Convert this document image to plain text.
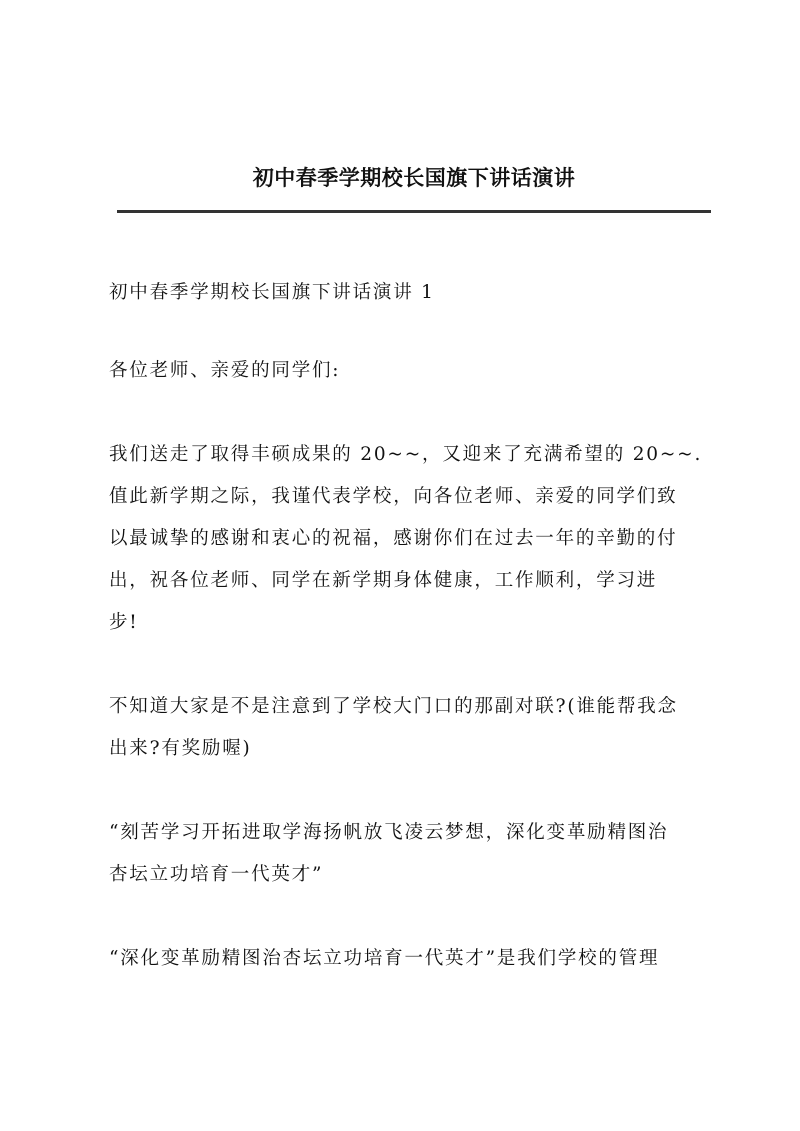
初中春季学期校长国旗下讲话演讲

初中春季学期校长国旗下讲话演讲 1

各位老师、亲爱的同学们:

我们送走了取得丰硕成果的 20~~，又迎来了充满希望的 20~~.
值此新学期之际，我谨代表学校，向各位老师、亲爱的同学们致
以最诚挚的感谢和衷心的祝福，感谢你们在过去一年的辛勤的付
出，祝各位老师、同学在新学期身体健康，工作顺利，学习进
步!

不知道大家是不是注意到了学校大门口的那副对联?(谁能帮我念
出来?有奖励喔)

“刻苦学习开拓进取学海扬帆放飞凌云梦想，深化变革励精图治
杏坛立功培育一代英才”

“深化变革励精图治杏坛立功培育一代英才”是我们学校的管理
